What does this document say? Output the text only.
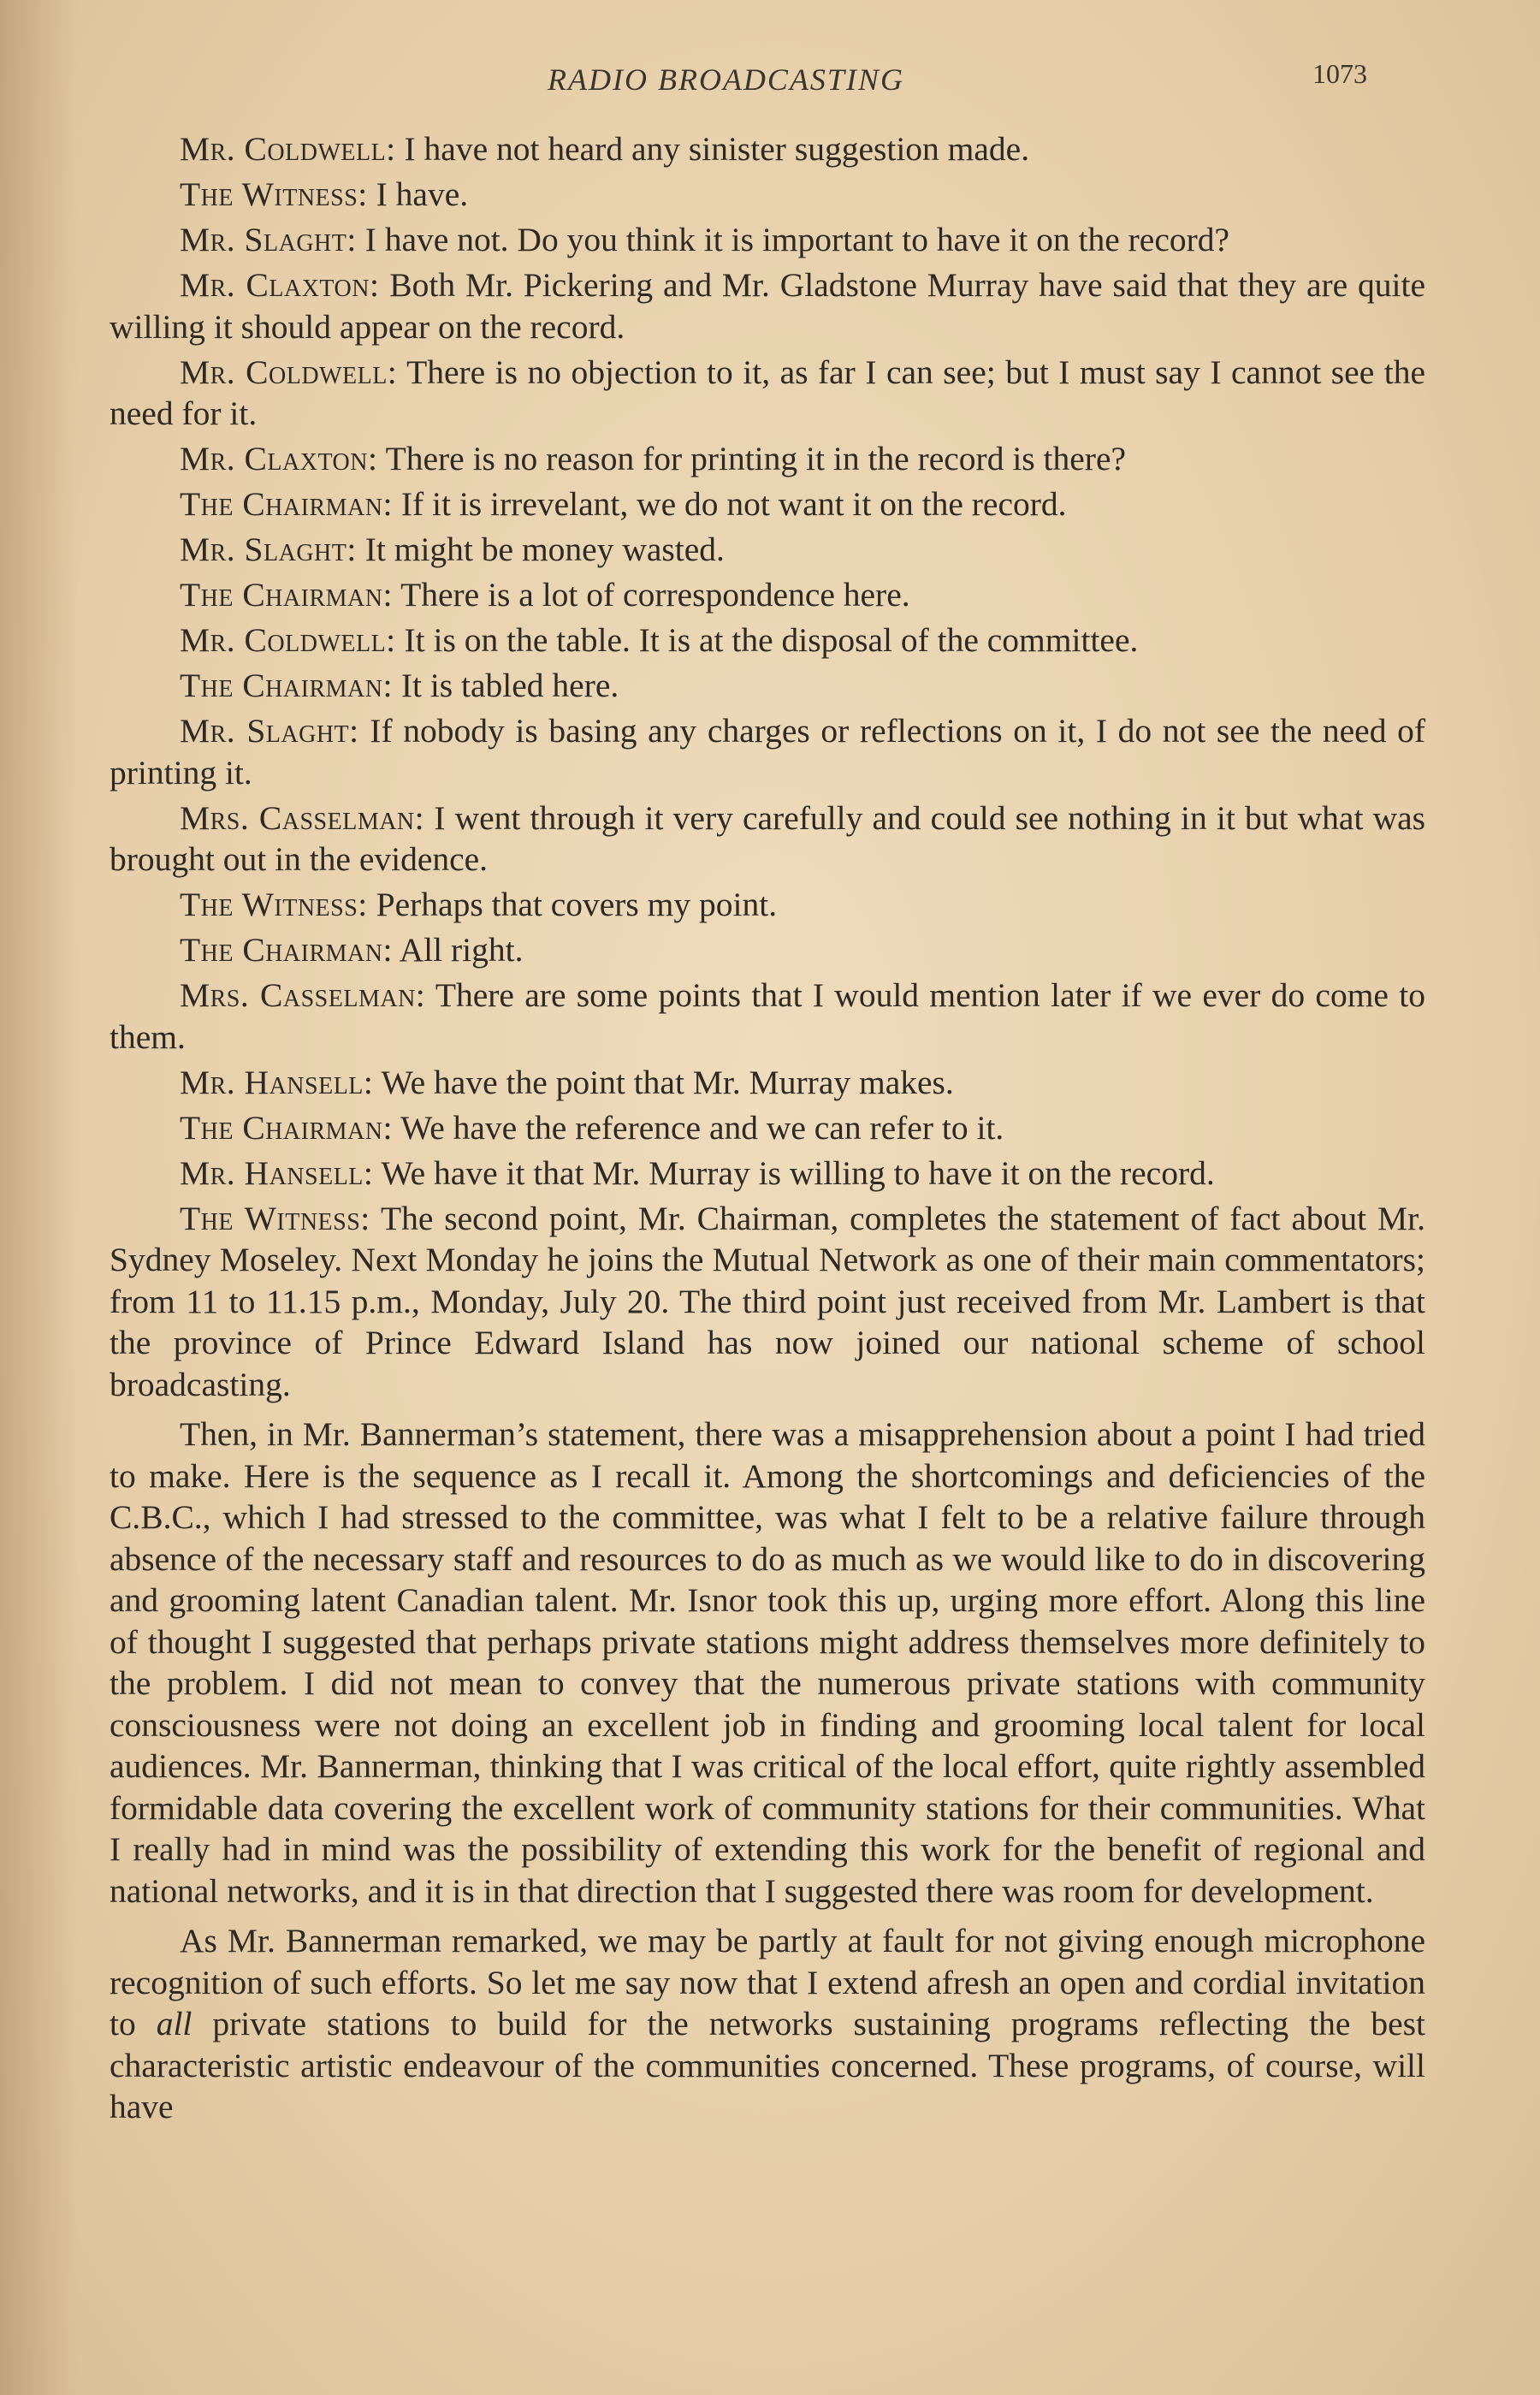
RADIO BROADCASTING	1073

Mr. Coldwell: I have not heard any sinister suggestion made.

The Witness: I have.

Mr. Slaght: I have not. Do you think it is important to have it on the record?

Mr. Claxton: Both Mr. Pickering and Mr. Gladstone Murray have said that they are quite willing it should appear on the record.

Mr. Coldwell: There is no objection to it, as far I can see; but I must say I cannot see the need for it.

Mr. Claxton: There is no reason for printing it in the record is there?

The Chairman: If it is irrevelant, we do not want it on the record.

Mr. Slaght: It might be money wasted.

The Chairman: There is a lot of correspondence here.

Mr. Coldwell: It is on the table. It is at the disposal of the committee.

The Chairman: It is tabled here.

Mr. Slaght: If nobody is basing any charges or reflections on it, I do not see the need of printing it.

Mrs. Casselman: I went through it very carefully and could see nothing in it but what was brought out in the evidence.

The Witness: Perhaps that covers my point.

The Chairman: All right.

Mrs. Casselman: There are some points that I would mention later if we ever do come to them.

Mr. Hansell: We have the point that Mr. Murray makes.

The Chairman: We have the reference and we can refer to it.

Mr. Hansell: We have it that Mr. Murray is willing to have it on the record.

The Witness: The second point, Mr. Chairman, completes the statement of fact about Mr. Sydney Moseley. Next Monday he joins the Mutual Network as one of their main commentators; from 11 to 11.15 p.m., Monday, July 20. The third point just received from Mr. Lambert is that the province of Prince Edward Island has now joined our national scheme of school broadcasting.

Then, in Mr. Bannerman’s statement, there was a misapprehension about a point I had tried to make. Here is the sequence as I recall it. Among the shortcomings and deficiencies of the C.B.C., which I had stressed to the committee, was what I felt to be a relative failure through absence of the necessary staff and resources to do as much as we would like to do in discovering and grooming latent Canadian talent. Mr. Isnor took this up, urging more effort. Along this line of thought I suggested that perhaps private stations might address themselves more definitely to the problem. I did not mean to convey that the numerous private stations with community consciousness were not doing an excellent job in finding and grooming local talent for local audiences. Mr. Bannerman, thinking that I was critical of the local effort, quite rightly assembled formidable data covering the excellent work of community stations for their communities. What I really had in mind was the possibility of extending this work for the benefit of regional and national networks, and it is in that direction that I suggested there was room for development.

As Mr. Bannerman remarked, we may be partly at fault for not giving enough microphone recognition of such efforts. So let me say now that I extend afresh an open and cordial invitation to all private stations to build for the networks sustaining programs reflecting the best characteristic artistic endeavour of the communities concerned. These programs, of course, will have
